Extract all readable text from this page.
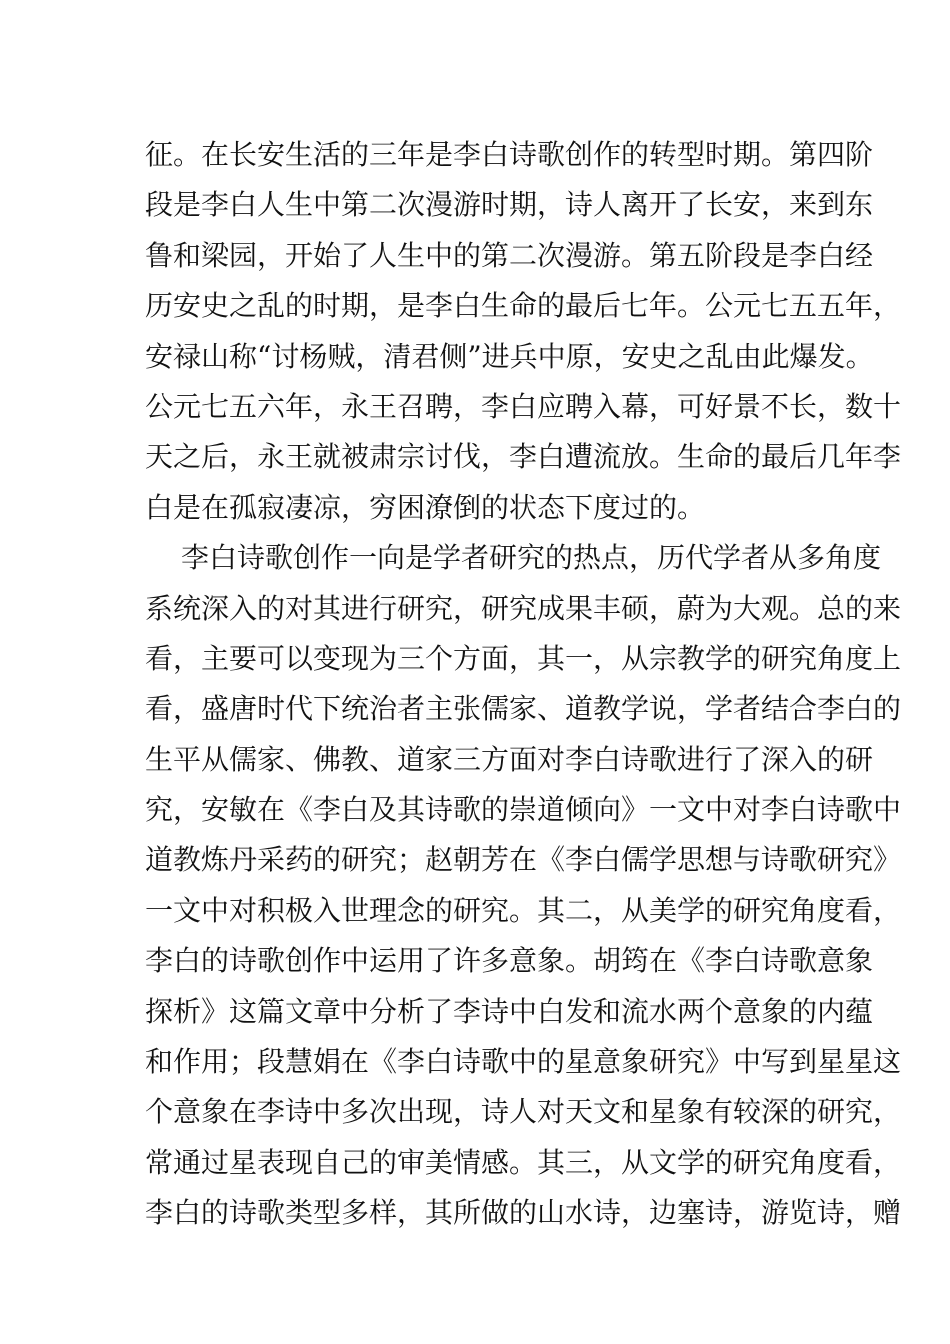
征。在长安生活的三年是李白诗歌创作的转型时期。第四阶
段是李白人生中第二次漫游时期，诗人离开了长安，来到东
鲁和梁园，开始了人生中的第二次漫游。第五阶段是李白经
历安史之乱的时期，是李白生命的最后七年。公元七五五年，
安禄山称“讨杨贼，清君侧”进兵中原，安史之乱由此爆发。
公元七五六年，永王召聘，李白应聘入幕，可好景不长，数十
天之后，永王就被肃宗讨伐，李白遭流放。生命的最后几年李
白是在孤寂凄凉，穷困潦倒的状态下度过的。
李白诗歌创作一向是学者研究的热点，历代学者从多角度
系统深入的对其进行研究，研究成果丰硕，蔚为大观。总的来
看，主要可以变现为三个方面，其一，从宗教学的研究角度上
看，盛唐时代下统治者主张儒家、道教学说，学者结合李白的
生平从儒家、佛教、道家三方面对李白诗歌进行了深入的研
究，安敏在《李白及其诗歌的崇道倾向》一文中对李白诗歌中
道教炼丹采药的研究；赵朝芳在《李白儒学思想与诗歌研究》
一文中对积极入世理念的研究。其二，从美学的研究角度看，
李白的诗歌创作中运用了许多意象。胡筠在《李白诗歌意象
探析》这篇文章中分析了李诗中白发和流水两个意象的内蕴
和作用；段慧娟在《李白诗歌中的星意象研究》中写到星星这
个意象在李诗中多次出现，诗人对天文和星象有较深的研究，
常通过星表现自己的审美情感。其三，从文学的研究角度看，
李白的诗歌类型多样，其所做的山水诗，边塞诗，游览诗，赠
